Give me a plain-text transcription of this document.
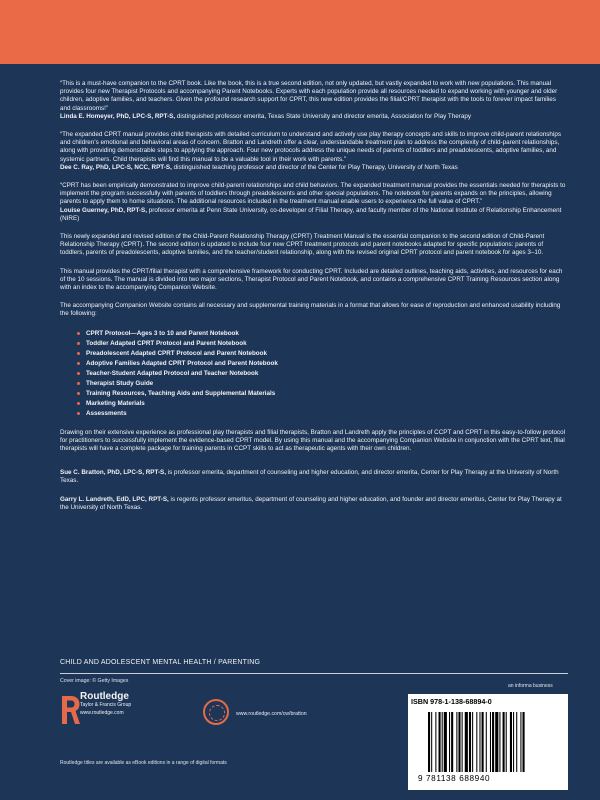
“This is a must-have companion to the CPRT book. Like the book, this is a true second edition, not only updated, but vastly expanded to work with new populations. This manual provides four new Therapist Protocols and accompanying Parent Notebooks. Experts with each population provide all resources needed to expand working with younger and older children, adoptive families, and teachers. Given the profound research support for CPRT, this new edition provides the filial/CPRT therapist with the tools to forever impact families and classrooms!”

Linda E. Homeyer, PhD, LPC-S, RPT-S, distinguished professor emerita, Texas State University and director emerita, Association for Play Therapy

“The expanded CPRT manual provides child therapists with detailed curriculum to understand and actively use play therapy concepts and skills to improve child-parent relationships and children’s emotional and behavioral areas of concern. Bratton and Landreth offer a clear, understandable treatment plan to address the complexity of child-parent relationships, along with providing demonstrable steps to applying the approach. Four new protocols address the unique needs of parents of toddlers and preadolescents, adoptive families, and systemic partners. Child therapists will find this manual to be a valuable tool in their work with parents.”

Dee C. Ray, PhD, LPC-S, NCC, RPT-S, distinguished teaching professor and director of the Center for Play Therapy, University of North Texas

“CPRT has been empirically demonstrated to improve child-parent relationships and child behaviors. The expanded treatment manual provides the essentials needed for therapists to implement the program successfully with parents of toddlers through preadolescents and other special populations. The notebook for parents expands on the principles, allowing parents to apply them to home situations. The additional resources included in the treatment manual enable users to experience the full value of CPRT.”

Louise Guerney, PhD, RPT-S, professor emerita at Penn State University, co-developer of Filial Therapy, and faculty member of the National Institute of Relationship Enhancement (NIRE)

This newly expanded and revised edition of the Child-Parent Relationship Therapy (CPRT) Treatment Manual is the essential companion to the second edition of Child-Parent Relationship Therapy (CPRT). The second edition is updated to include four new CPRT treatment protocols and parent notebooks adapted for specific populations: parents of toddlers, parents of preadolescents, adoptive families, and the teacher/student relationship, along with the revised original CPRT protocol and parent notebook for ages 3–10.

This manual provides the CPRT/filial therapist with a comprehensive framework for conducting CPRT. Included are detailed outlines, teaching aids, activities, and resources for each of the 10 sessions. The manual is divided into two major sections, Therapist Protocol and Parent Notebook, and contains a comprehensive CPRT Training Resources section along with an index to the accompanying Companion Website.

The accompanying Companion Website contains all necessary and supplemental training materials in a format that allows for ease of reproduction and enhanced usability including the following:

CPRT Protocol—Ages 3 to 10 and Parent Notebook
Toddler Adapted CPRT Protocol and Parent Notebook
Preadolescent Adapted CPRT Protocol and Parent Notebook
Adoptive Families Adapted CPRT Protocol and Parent Notebook
Teacher-Student Adapted Protocol and Teacher Notebook
Therapist Study Guide
Training Resources, Teaching Aids and Supplemental Materials
Marketing Materials
Assessments

Drawing on their extensive experience as professional play therapists and filial therapists, Bratton and Landreth apply the principles of CCPT and CPRT in this easy-to-follow protocol for practitioners to successfully implement the evidence-based CPRT model. By using this manual and the accompanying Companion Website in conjunction with the CPRT text, filial therapists will have a complete package for training parents in CCPT skills to act as therapeutic agents with their own children.

Sue C. Bratton, PhD, LPC-S, RPT-S, is professor emerita, department of counseling and higher education, and director emerita, Center for Play Therapy at the University of North Texas.

Garry L. Landreth, EdD, LPC, RPT-S, is regents professor emeritus, department of counseling and higher education, and founder and director emeritus, Center for Play Therapy at the University of North Texas.

CHILD AND ADOLESCENT MENTAL HEALTH / PARENTING
Cover image: © Getty Images
an informa business
Routledge
Taylor & Francis Group
www.routledge.com	www.routledge.com/cw/bratton
ISBN 978-1-138-68894-0
9 781138 688940
Routledge titles are available as eBook editions in a range of digital formats
